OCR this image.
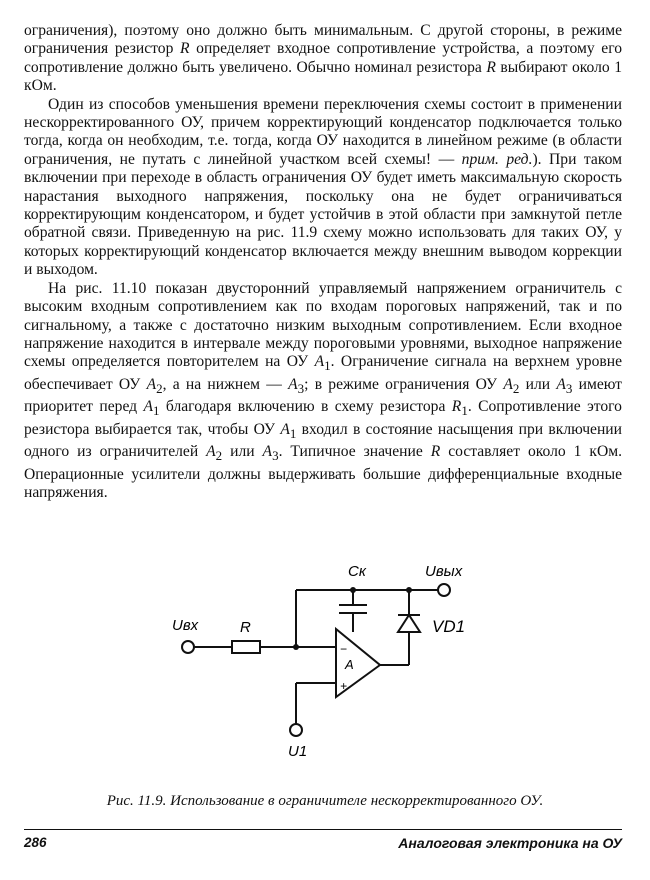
ограничения), поэтому оно должно быть минимальным. С другой стороны, в режиме ограничения резистор R определяет входное сопротивление устройства, а поэтому его сопротивление должно быть увеличено. Обычно номинал резистора R выбирают около 1 кОм.

Один из способов уменьшения времени переключения схемы состоит в применении нескорректированного ОУ, причем корректирующий конденсатор подключается только тогда, когда он необходим, т.е. тогда, когда ОУ находится в линейном режиме (в области ограничения, не путать с линейной участком всей схемы! — прим. ред.). При таком включении при переходе в область ограничения ОУ будет иметь максимальную скорость нарастания выходного напряжения, поскольку она не будет ограничиваться корректирующим конденсатором, и будет устойчив в этой области при замкнутой петле обратной связи. Приведенную на рис. 11.9 схему можно использовать для таких ОУ, у которых корректирующий конденсатор включается между внешним выводом коррекции и выходом.

На рис. 11.10 показан двусторонний управляемый напряжением ограничитель с высоким входным сопротивлением как по входам пороговых напряжений, так и по сигнальному, а также с достаточно низким выходным сопротивлением. Если входное напряжение находится в интервале между пороговыми уровнями, выходное напряжение схемы определяется повторителем на ОУ $A_1$. Ограничение сигнала на верхнем уровне обеспечивает ОУ $A_2$, а на нижнем — $A_3$; в режиме ограничения ОУ $A_2$ или $A_3$ имеют приоритет перед $A_1$ благодаря включению в схему резистора $R_1$. Сопротивление этого резистора выбирается так, чтобы ОУ $A_1$ входил в состояние насыщения при включении одного из ограничителей $A_2$ или $A_3$. Типичное значение R составляет около 1 кОм. Операционные усилители должны выдерживать большие дифференциальные входные напряжения.

Uвх	R
Cк	Uвых
VD1
A
−
+
U1
Рис. 11.9. Использование в ограничителе нескорректированного ОУ.
286	Аналоговая электроника на ОУ
